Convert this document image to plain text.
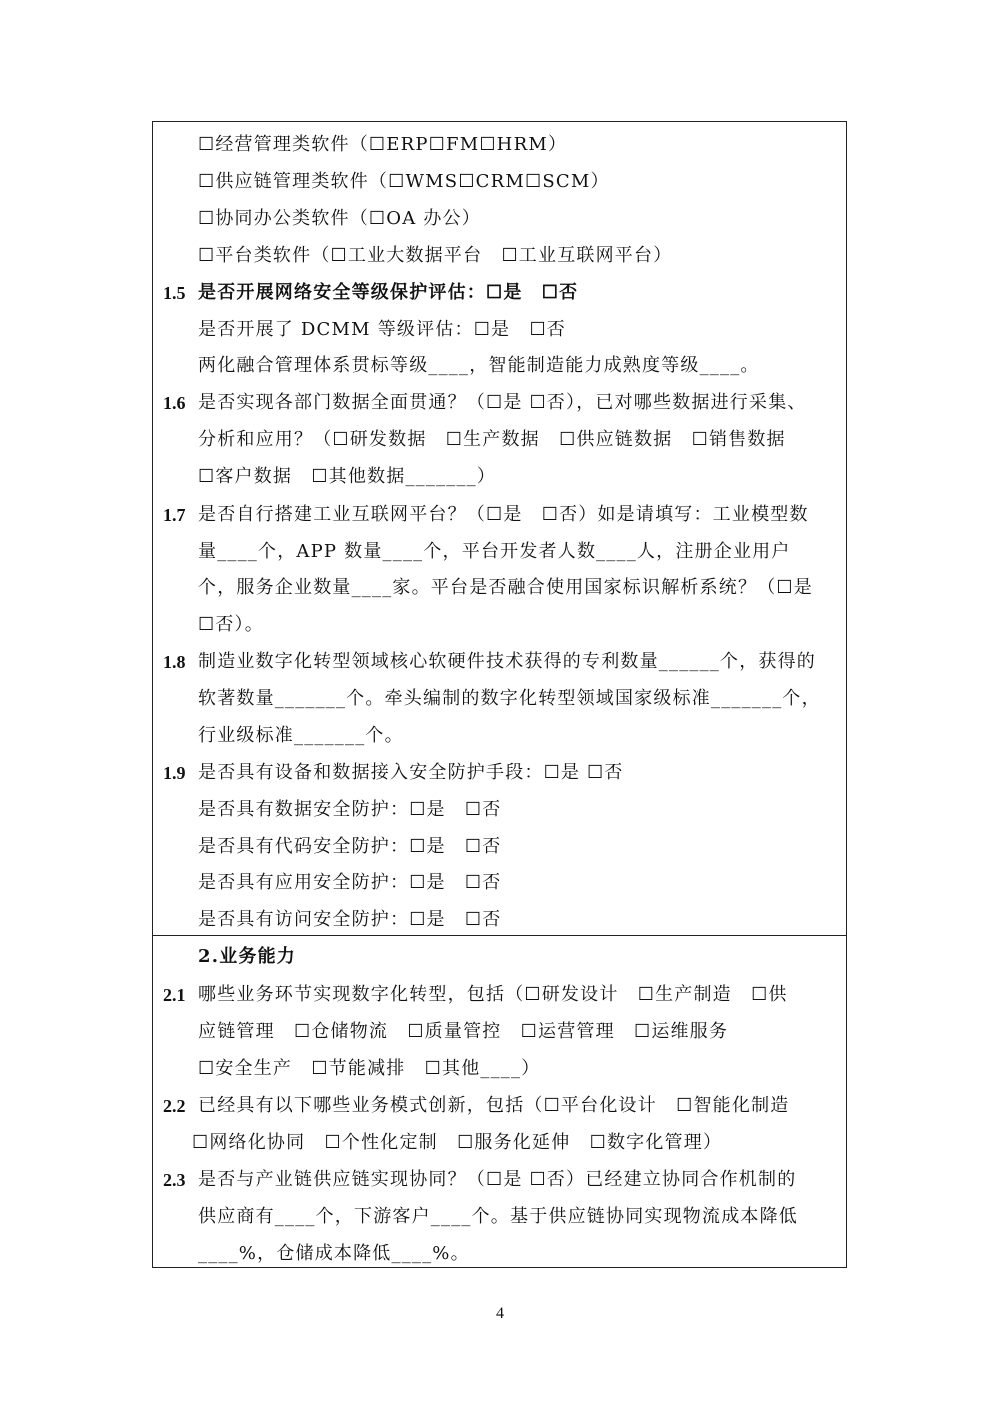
☐经营管理类软件（☐ERP☐FM☐HRM）
☐供应链管理类软件（☐WMS☐CRM☐SCM）
☐协同办公类软件（☐OA 办公）
☐平台类软件（☐工业大数据平台　☐工业互联网平台）
1.5 是否开展网络安全等级保护评估：☐是　☐否
是否开展了 DCMM 等级评估：☐是　☐否
两化融合管理体系贯标等级____，智能制造能力成熟度等级____。
1.6 是否实现各部门数据全面贯通？（☐是 ☐否），已对哪些数据进行采集、
分析和应用？（☐研发数据　☐生产数据　☐供应链数据　☐销售数据
☐客户数据　☐其他数据_______）
1.7 是否自行搭建工业互联网平台？（☐是　☐否）如是请填写：工业模型数
量____个，APP 数量____个，平台开发者人数____人，注册企业用户
个，服务企业数量____家。平台是否融合使用国家标识解析系统？（☐是
☐否）。
1.8 制造业数字化转型领域核心软硬件技术获得的专利数量______个，获得的
软著数量_______个。牵头编制的数字化转型领域国家级标准_______个，
行业级标准_______个。
1.9 是否具有设备和数据接入安全防护手段：☐是 ☐否
是否具有数据安全防护：☐是　☐否
是否具有代码安全防护：☐是　☐否
是否具有应用安全防护：☐是　☐否
是否具有访问安全防护：☐是　☐否
2.业务能力
2.1 哪些业务环节实现数字化转型，包括（☐研发设计　☐生产制造　☐供
应链管理　☐仓储物流　☐质量管控　☐运营管理　☐运维服务
☐安全生产　☐节能减排　☐其他____）
2.2 已经具有以下哪些业务模式创新，包括（☐平台化设计　☐智能化制造
☐网络化协同　☐个性化定制　☐服务化延伸　☐数字化管理）
2.3 是否与产业链供应链实现协同？（☐是 ☐否）已经建立协同合作机制的
供应商有____个，下游客户____个。基于供应链协同实现物流成本降低
____%，仓储成本降低____%。
4
